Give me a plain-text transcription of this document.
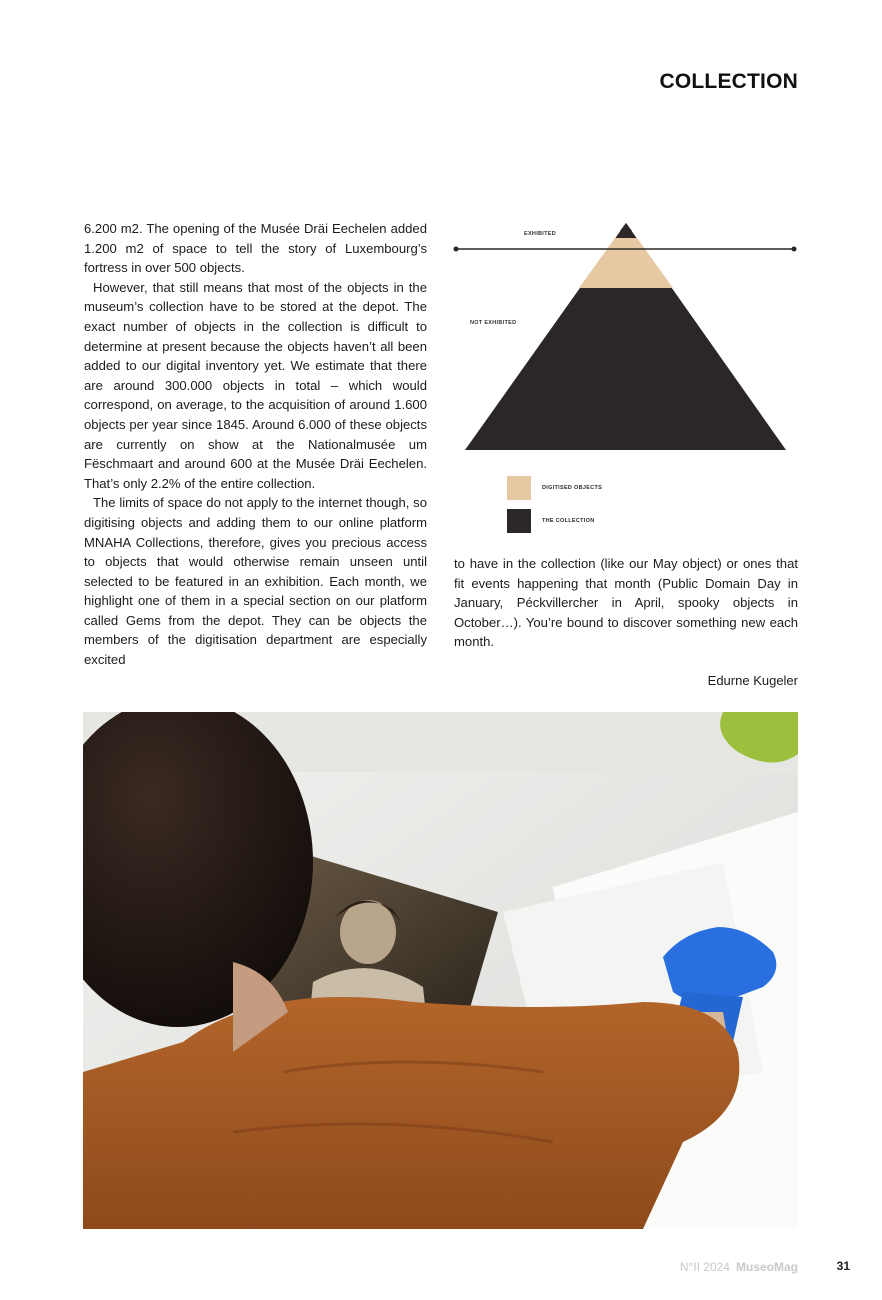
COLLECTION

6.200 m2. The opening of the Musée Dräi Eechelen added 1.200 m2 of space to tell the story of Luxembourg’s fortress in over 500 objects.

However, that still means that most of the objects in the museum’s collection have to be stored at the depot. The exact number of objects in the collection is difficult to determine at present because the objects haven’t all been added to our digital inventory yet. We estimate that there are around 300.000 objects in total – which would correspond, on average, to the acquisition of around 1.600 objects per year since 1845. Around 6.000 of these objects are currently on show at the Nationalmusée um Fëschmaart and around 600 at the Musée Dräi Eechelen. That’s only 2.2% of the entire collection.

The limits of space do not apply to the internet though, so digitising objects and adding them to our online platform MNAHA Collections, therefore, gives you precious access to objects that would otherwise remain unseen until selected to be featured in an exhibition. Each month, we highlight one of them in a special section on our platform called Gems from the depot. They can be objects the members of the digitisation department are especially excited

EXHIBITED
NOT EXHIBITED
DIGITISED OBJECTS
THE COLLECTION

to have in the collection (like our May object) or ones that fit events happening that month (Public Domain Day in January, Péckvillercher in April, spooky objects in October…). You’re bound to discover something new each month.

Edurne Kugeler
N°II 2024 MuseoMag	31
